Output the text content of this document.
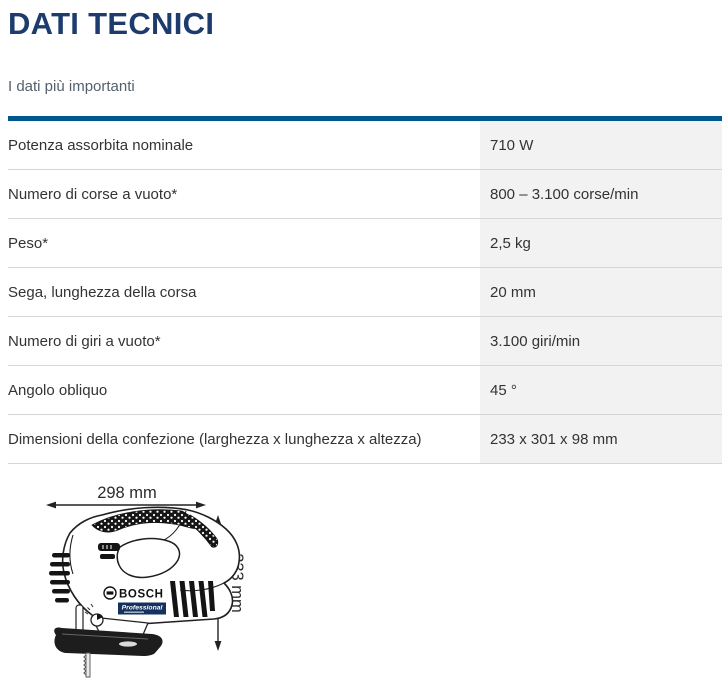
DATI TECNICI
I dati più importanti
Potenza assorbita nominale	710 W
Numero di corse a vuoto*	800 – 3.100 corse/min
Peso*	2,5 kg
Sega, lunghezza della corsa	20 mm
Numero di giri a vuoto*	3.100 giri/min
Angolo obliquo	45 °
Dimensioni della confezione (larghezza x lunghezza x altezza)	233 x 301 x 98 mm
298 mm
233 mm
BOSCH
Professional
